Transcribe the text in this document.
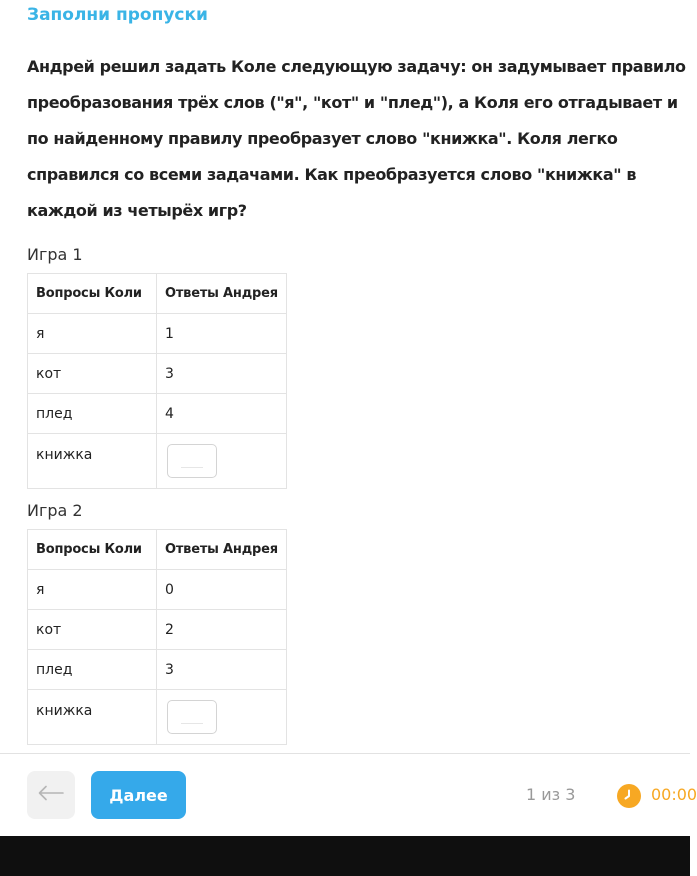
Заполни пропуски

Андрей решил задать Коле следующую задачу: он задумывает правило преобразования трёх слов ("я", "кот" и "плед"), а Коля его отгадывает и по найденному правилу преобразует слово "книжка". Коля легко справился со всеми задачами. Как преобразуется слово "книжка" в каждой из четырёх игр?

Игра 1
Вопросы Коли	Ответы Андрея
я	1
кот	3
плед	4
книжка	
Игра 2
Вопросы Коли	Ответы Андрея
я	0
кот	2
плед	3
книжка	
Далее	1 из 3	00:00
